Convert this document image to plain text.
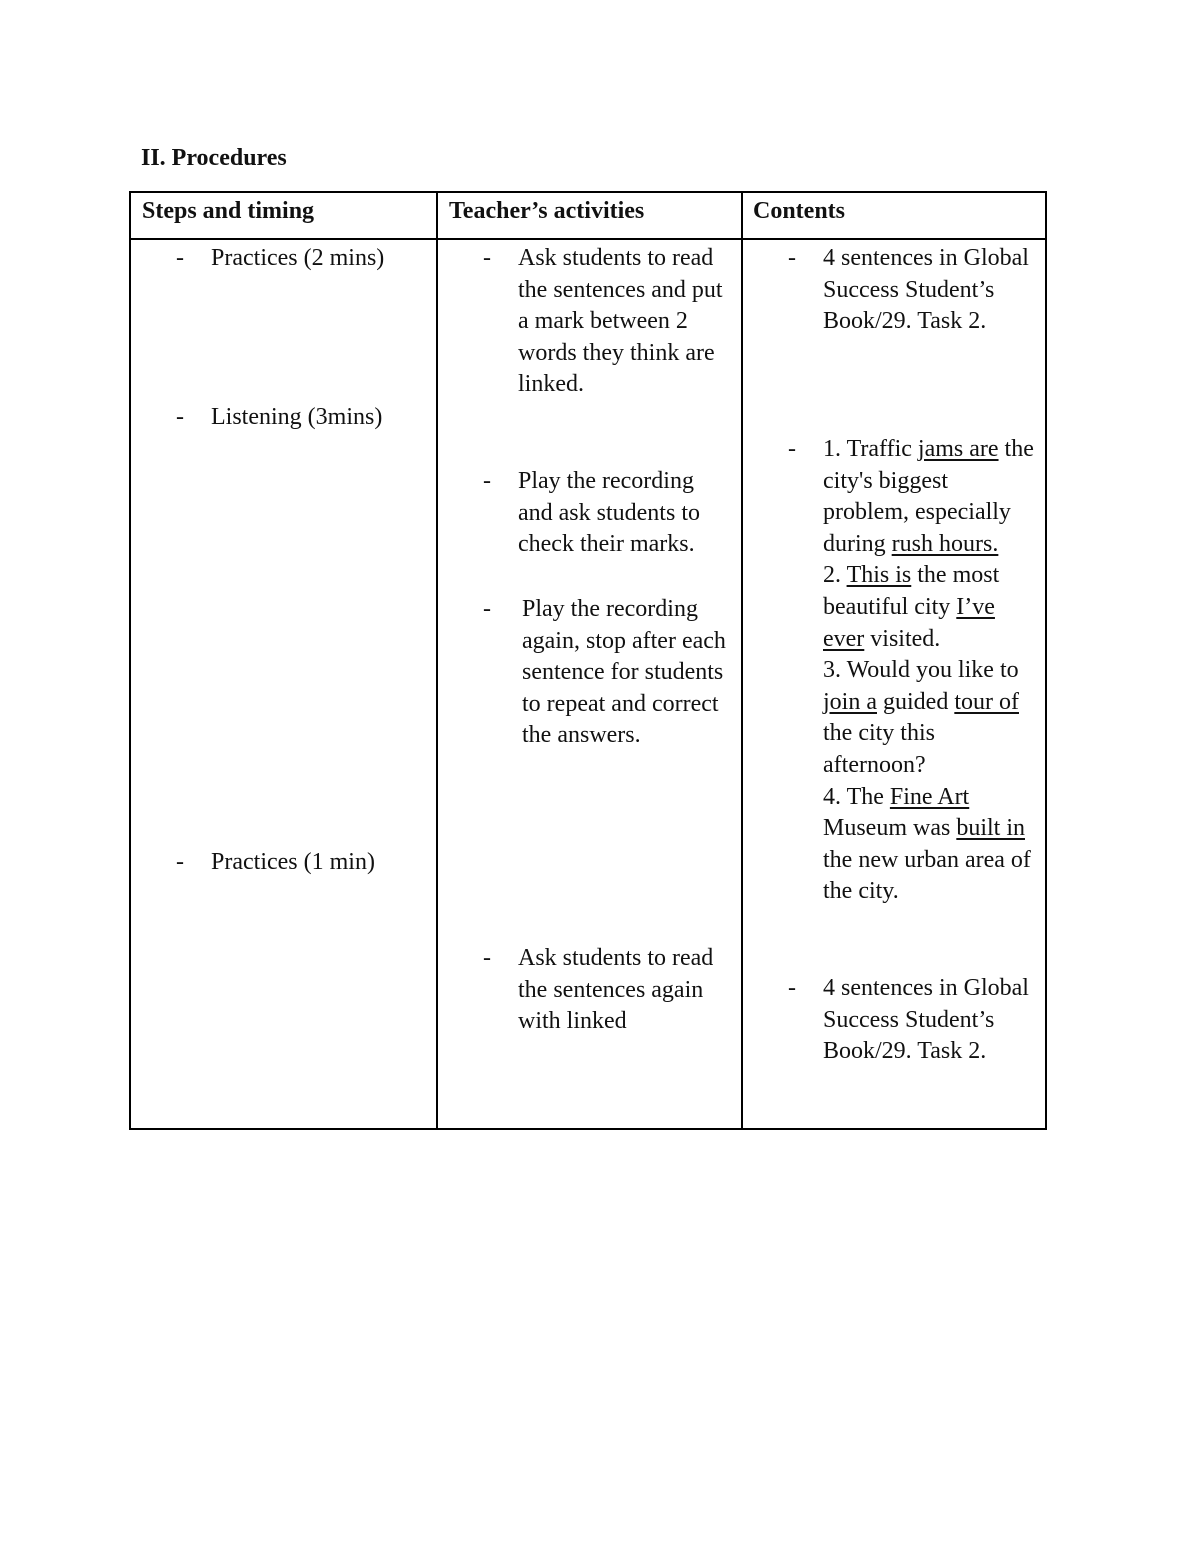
II. Procedures
Steps and timing	Teacher’s activities	Contents
- Practices (2 mins)
- Listening (3mins)
- Practices (1 min)
- Ask students to read the sentences and put a mark between 2 words they think are linked.
- Play the recording and ask students to check their marks.
- Play the recording again, stop after each sentence for students to repeat and correct the answers.
- Ask students to read the sentences again with linked
- 4 sentences in Global Success Student’s Book/29. Task 2.
- 1. Traffic jams are the city's biggest problem, especially during rush hours.
2. This is the most beautiful city I’ve ever visited.
3. Would you like to join a guided tour of the city this afternoon?
4. The Fine Art Museum was built in the new urban area of the city.
- 4 sentences in Global Success Student’s Book/29. Task 2.
